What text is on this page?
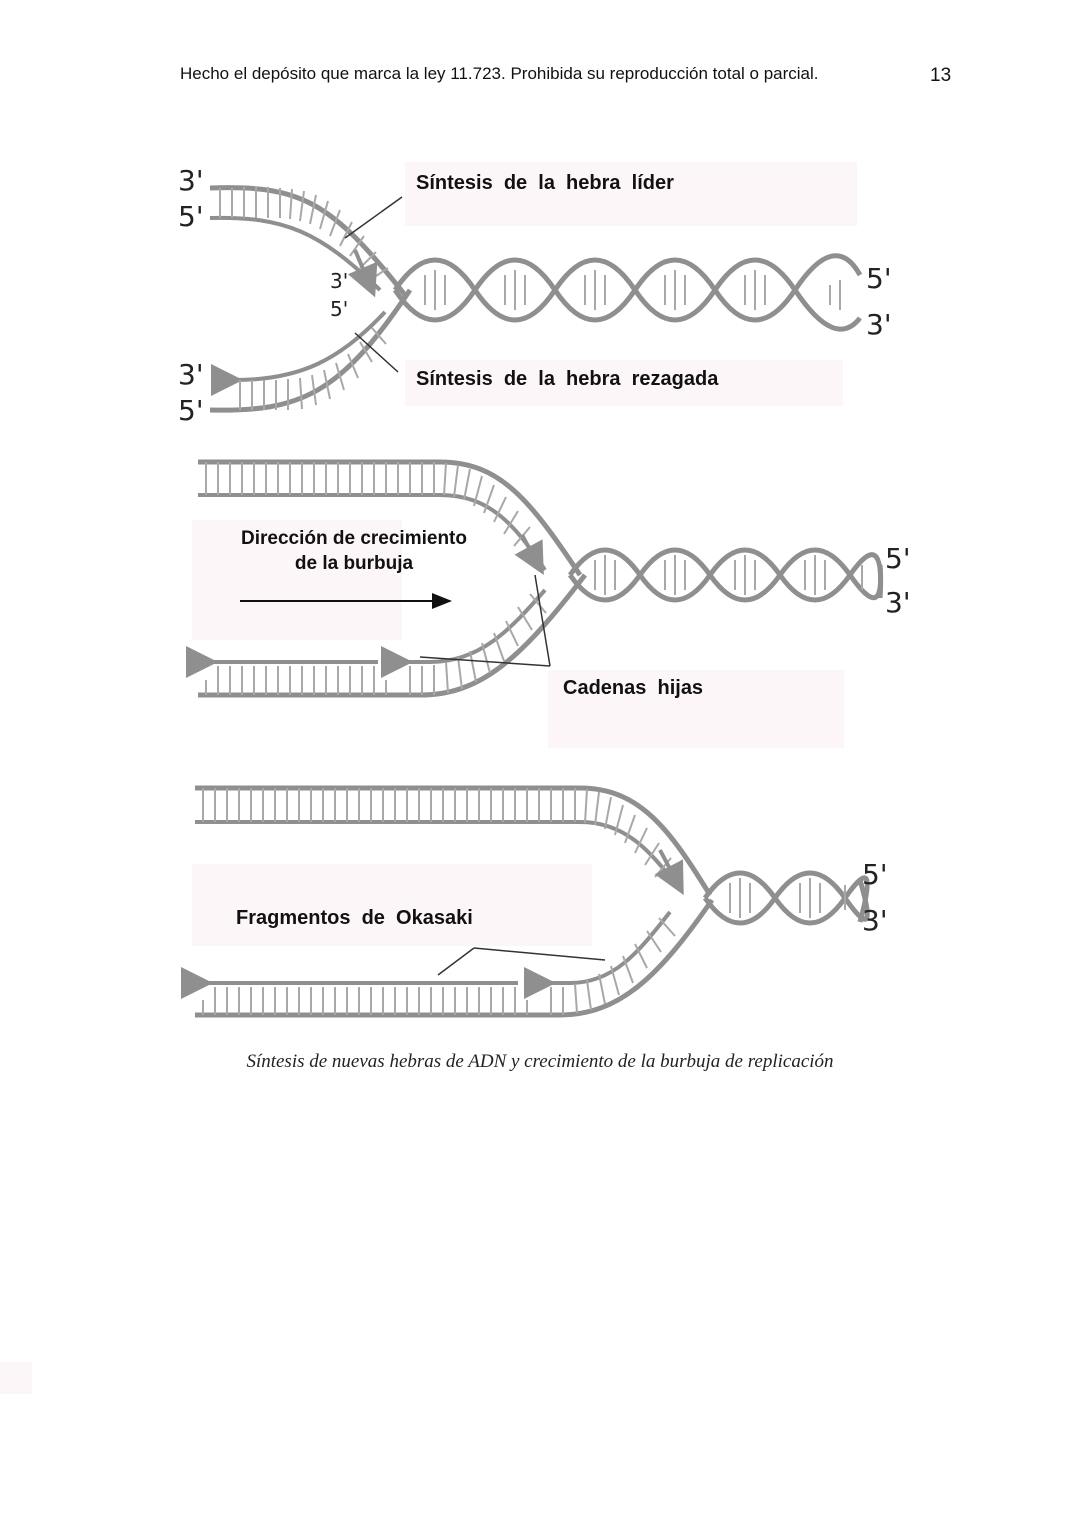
Hecho el depósito que marca la ley 11.723. Prohibida su reproducción total o parcial.	13
3'
5'
3'
5'
3'
5'
5'
3'
Síntesis  de  la  hebra  líder
Síntesis  de  la  hebra  rezagada
Dirección de crecimiento
de la burbuja
Cadenas  hijas
5'
3'
Fragmentos  de  Okasaki
5'
3'
Síntesis de nuevas hebras de ADN y crecimiento de la burbuja de replicación
